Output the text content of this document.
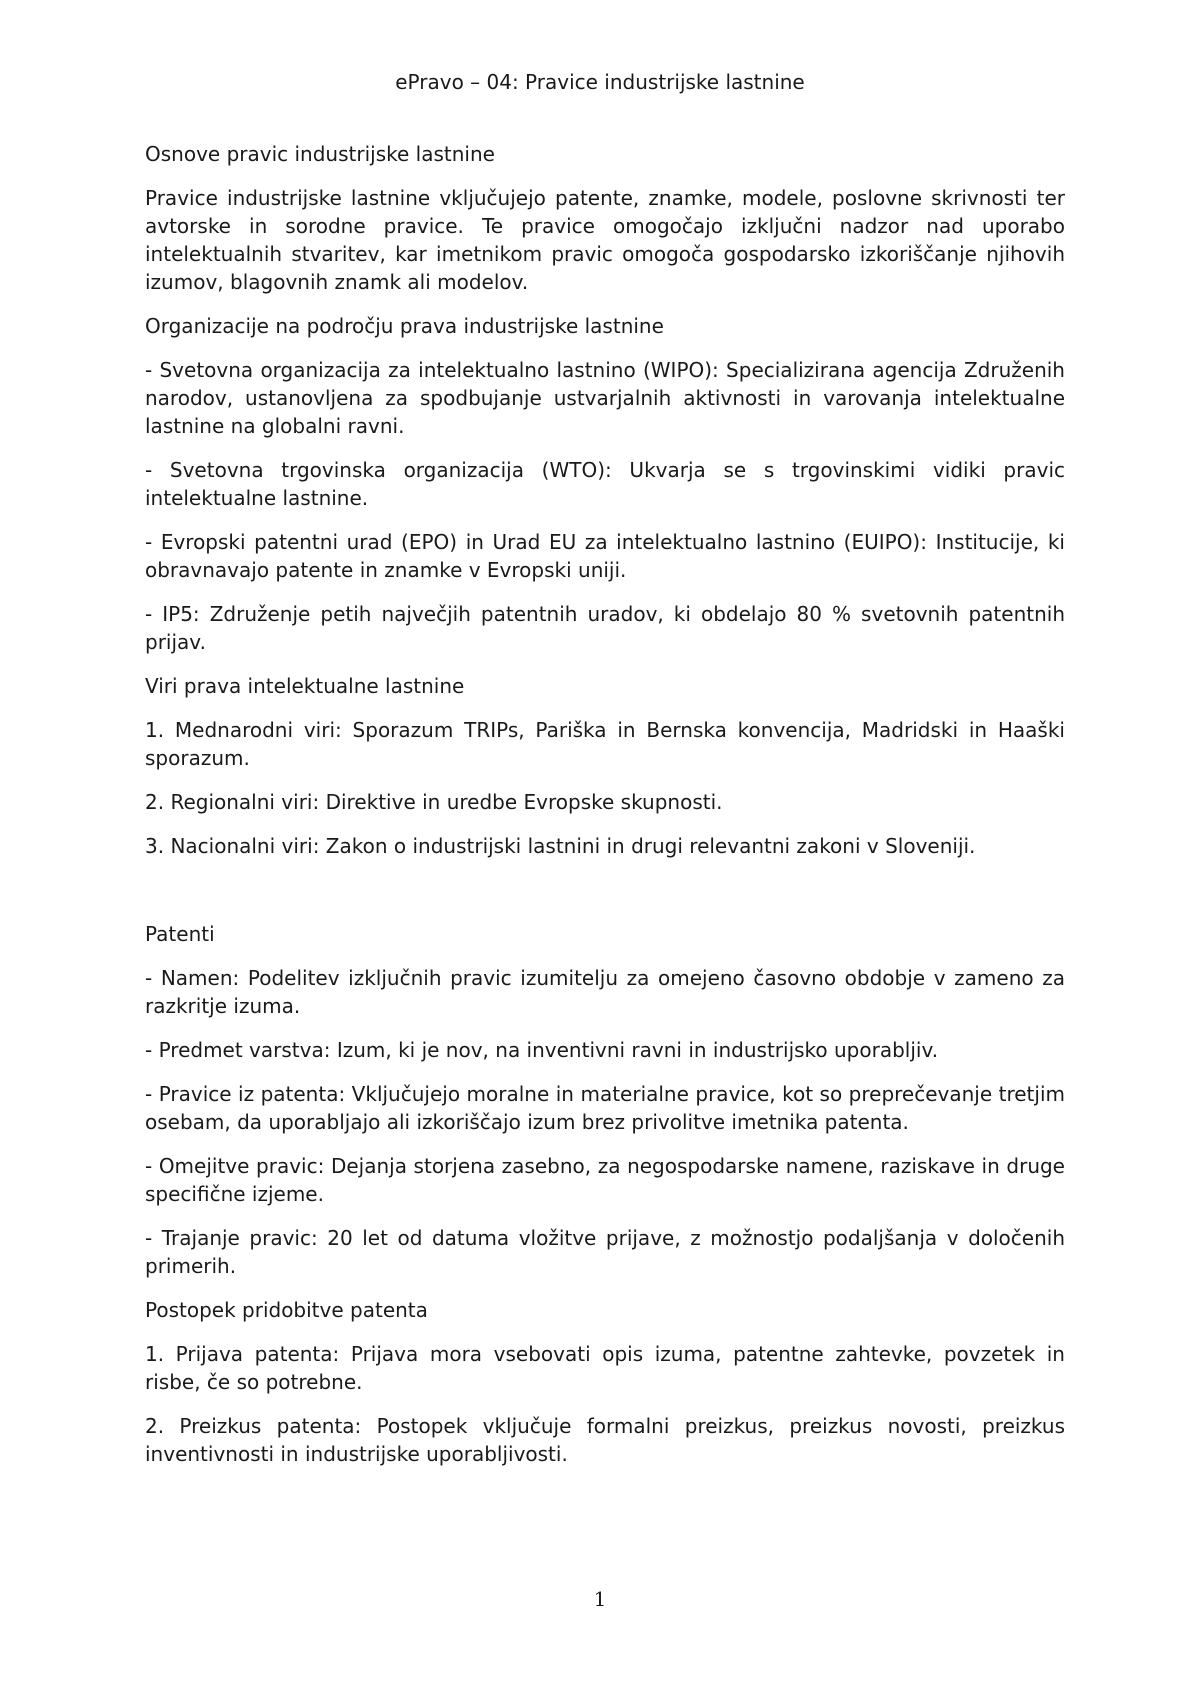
ePravo – 04: Pravice industrijske lastnine
Osnove pravic industrijske lastnine
Pravice industrijske lastnine vključujejo patente, znamke, modele, poslovne skrivnosti ter avtorske in sorodne pravice. Te pravice omogočajo izključni nadzor nad uporabo intelektualnih stvaritev, kar imetnikom pravic omogoča gospodarsko izkoriščanje njihovih izumov, blagovnih znamk ali modelov.
Organizacije na področju prava industrijske lastnine
- Svetovna organizacija za intelektualno lastnino (WIPO): Specializirana agencija Združenih narodov, ustanovljena za spodbujanje ustvarjalnih aktivnosti in varovanja intelektualne lastnine na globalni ravni.
- Svetovna trgovinska organizacija (WTO): Ukvarja se s trgovinskimi vidiki pravic intelektualne lastnine.
- Evropski patentni urad (EPO) in Urad EU za intelektualno lastnino (EUIPO): Institucije, ki obravnavajo patente in znamke v Evropski uniji.
- IP5: Združenje petih največjih patentnih uradov, ki obdelajo 80 % svetovnih patentnih prijav.
Viri prava intelektualne lastnine
1. Mednarodni viri: Sporazum TRIPs, Pariška in Bernska konvencija, Madridski in Haaški sporazum.
2. Regionalni viri: Direktive in uredbe Evropske skupnosti.
3. Nacionalni viri: Zakon o industrijski lastnini in drugi relevantni zakoni v Sloveniji.
Patenti
- Namen: Podelitev izključnih pravic izumitelju za omejeno časovno obdobje v zameno za razkritje izuma.
- Predmet varstva: Izum, ki je nov, na inventivni ravni in industrijsko uporabljiv.
- Pravice iz patenta: Vključujejo moralne in materialne pravice, kot so preprečevanje tretjim osebam, da uporabljajo ali izkoriščajo izum brez privolitve imetnika patenta.
- Omejitve pravic: Dejanja storjena zasebno, za negospodarske namene, raziskave in druge specifične izjeme.
- Trajanje pravic: 20 let od datuma vložitve prijave, z možnostjo podaljšanja v določenih primerih.
Postopek pridobitve patenta
1. Prijava patenta: Prijava mora vsebovati opis izuma, patentne zahtevke, povzetek in risbe, če so potrebne.
2. Preizkus patenta: Postopek vključuje formalni preizkus, preizkus novosti, preizkus inventivnosti in industrijske uporabljivosti.
1
